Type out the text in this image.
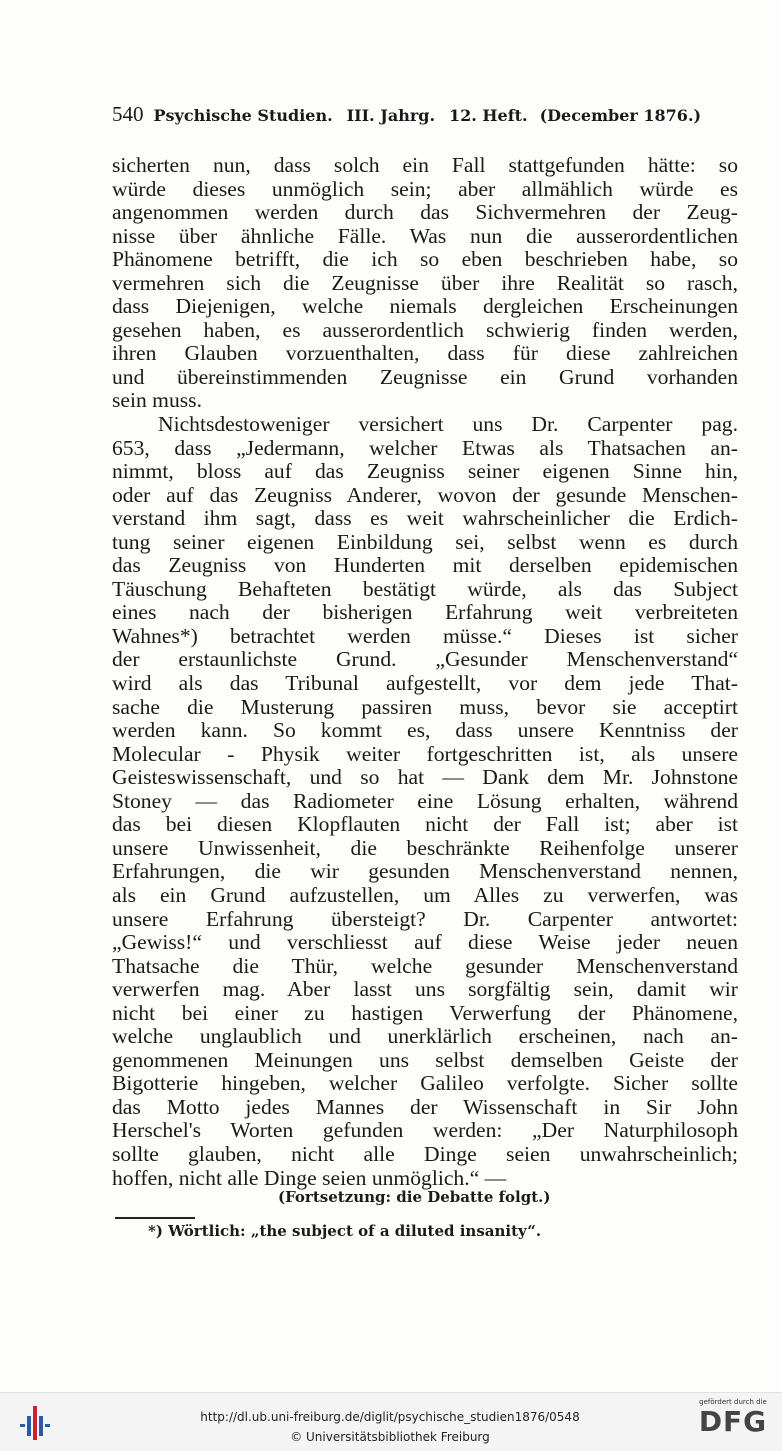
540 Psychische Studien. III. Jahrg. 12. Heft. (December 1876.)
sicherten nun, dass solch ein Fall stattgefunden hätte: so
würde dieses unmöglich sein; aber allmählich würde es
angenommen werden durch das Sichvermehren der Zeug-
nisse über ähnliche Fälle. Was nun die ausserordentlichen
Phänomene betrifft, die ich so eben beschrieben habe, so
vermehren sich die Zeugnisse über ihre Realität so rasch,
dass Diejenigen, welche niemals dergleichen Erscheinungen
gesehen haben, es ausserordentlich schwierig finden werden,
ihren Glauben vorzuenthalten, dass für diese zahlreichen
und übereinstimmenden Zeugnisse ein Grund vorhanden
sein muss.
Nichtsdestoweniger versichert uns Dr. Carpenter pag.
653, dass „Jedermann, welcher Etwas als Thatsachen an-
nimmt, bloss auf das Zeugniss seiner eigenen Sinne hin,
oder auf das Zeugniss Anderer, wovon der gesunde Menschen-
verstand ihm sagt, dass es weit wahrscheinlicher die Erdich-
tung seiner eigenen Einbildung sei, selbst wenn es durch
das Zeugniss von Hunderten mit derselben epidemischen
Täuschung Behafteten bestätigt würde, als das Subject
eines nach der bisherigen Erfahrung weit verbreiteten
Wahnes*) betrachtet werden müsse.“ Dieses ist sicher
der erstaunlichste Grund. „Gesunder Menschenverstand“
wird als das Tribunal aufgestellt, vor dem jede That-
sache die Musterung passiren muss, bevor sie acceptirt
werden kann. So kommt es, dass unsere Kenntniss der
Molecular - Physik weiter fortgeschritten ist, als unsere
Geisteswissenschaft, und so hat — Dank dem Mr. Johnstone
Stoney — das Radiometer eine Lösung erhalten, während
das bei diesen Klopflauten nicht der Fall ist; aber ist
unsere Unwissenheit, die beschränkte Reihenfolge unserer
Erfahrungen, die wir gesunden Menschenverstand nennen,
als ein Grund aufzustellen, um Alles zu verwerfen, was
unsere Erfahrung übersteigt? Dr. Carpenter antwortet:
„Gewiss!“ und verschliesst auf diese Weise jeder neuen
Thatsache die Thür, welche gesunder Menschenverstand
verwerfen mag. Aber lasst uns sorgfältig sein, damit wir
nicht bei einer zu hastigen Verwerfung der Phänomene,
welche unglaublich und unerklärlich erscheinen, nach an-
genommenen Meinungen uns selbst demselben Geiste der
Bigotterie hingeben, welcher Galileo verfolgte. Sicher sollte
das Motto jedes Mannes der Wissenschaft in Sir John
Herschel's Worten gefunden werden: „Der Naturphilosoph
sollte glauben, nicht alle Dinge seien unwahrscheinlich;
hoffen, nicht alle Dinge seien unmöglich.“ —
(Fortsetzung: die Debatte folgt.)
*) Wörtlich: „the subject of a diluted insanity“.
http://dl.ub.uni-freiburg.de/diglit/psychische_studien1876/0548
© Universitätsbibliothek Freiburg
gefördert durch die
DFG
